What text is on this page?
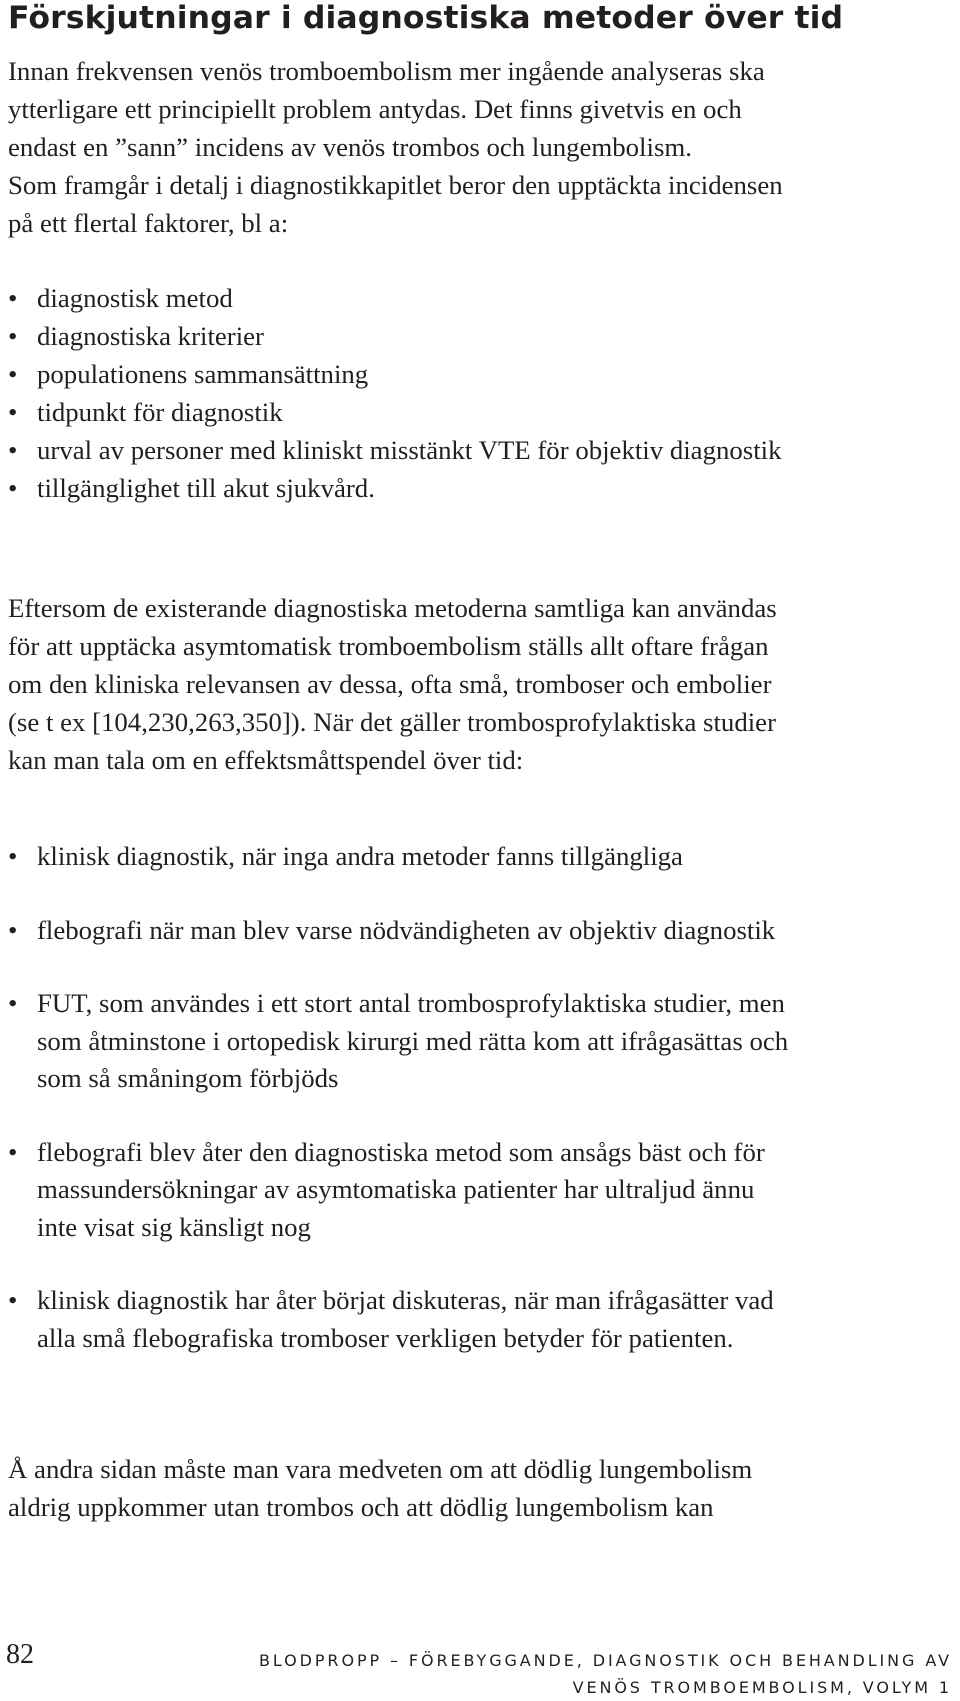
Förskjutningar i diagnostiska metoder över tid

Innan frekvensen venös tromboembolism mer ingående analyseras ska
ytterligare ett principiellt problem antydas. Det finns givetvis en och
endast en ”sann” incidens av venös trombos och lungembolism.
Som framgår i detalj i diagnostikkapitlet beror den upptäckta incidensen
på ett flertal faktorer, bl a:

• diagnostisk metod
• diagnostiska kriterier
• populationens sammansättning
• tidpunkt för diagnostik
• urval av personer med kliniskt misstänkt VTE för objektiv diagnostik
• tillgänglighet till akut sjukvård.

Eftersom de existerande diagnostiska metoderna samtliga kan användas
för att upptäcka asymtomatisk tromboembolism ställs allt oftare frågan
om den kliniska relevansen av dessa, ofta små, tromboser och embolier
(se t ex [104,230,263,350]). När det gäller trombosprofylaktiska studier
kan man tala om en effektsmåttspendel över tid:

• klinisk diagnostik, när inga andra metoder fanns tillgängliga
• flebografi när man blev varse nödvändigheten av objektiv diagnostik
• FUT, som användes i ett stort antal trombosprofylaktiska studier, men
som åtminstone i ortopedisk kirurgi med rätta kom att ifrågasättas och
som så småningom förbjöds
• flebografi blev åter den diagnostiska metod som ansågs bäst och för
massundersökningar av asymtomatiska patienter har ultraljud ännu
inte visat sig känsligt nog
• klinisk diagnostik har åter börjat diskuteras, när man ifrågasätter vad
alla små flebografiska tromboser verkligen betyder för patienten.

Å andra sidan måste man vara medveten om att dödlig lungembolism
aldrig uppkommer utan trombos och att dödlig lungembolism kan

82	BLODPROPP – FÖREBYGGANDE, DIAGNOSTIK OCH BEHANDLING AV
VENÖS TROMBOEMBOLISM, VOLYM 1
